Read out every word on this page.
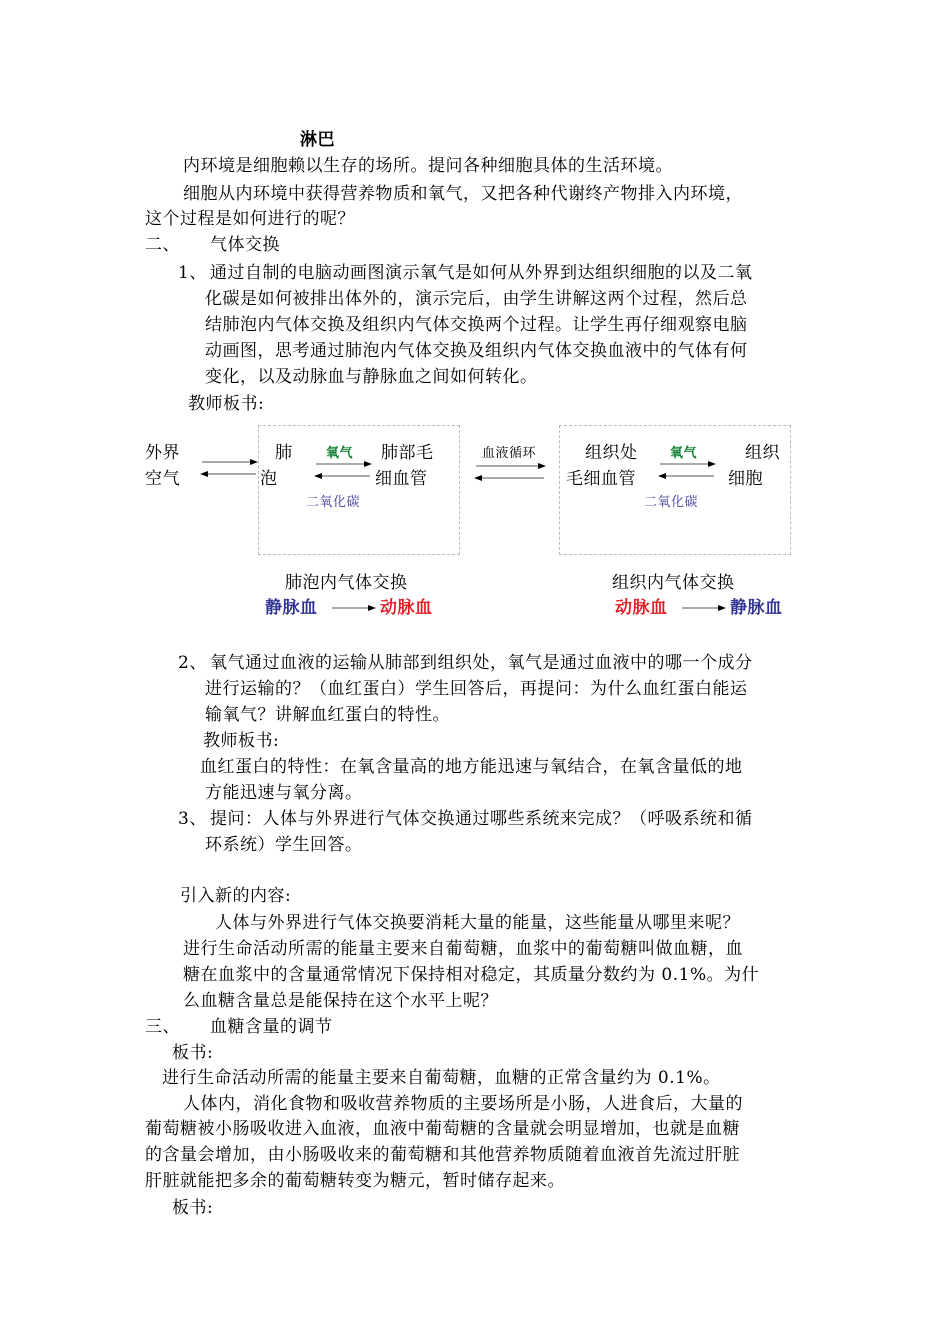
淋巴
内环境是细胞赖以生存的场所。提问各种细胞具体的生活环境。
细胞从内环境中获得营养物质和氧气，又把各种代谢终产物排入内环境，
这个过程是如何进行的呢？
二、 气体交换
1、 通过自制的电脑动画图演示氧气是如何从外界到达组织细胞的以及二氧
化碳是如何被排出体外的，演示完后，由学生讲解这两个过程，然后总
结肺泡内气体交换及组织内气体交换两个过程。让学生再仔细观察电脑
动画图，思考通过肺泡内气体交换及组织内气体交换血液中的气体有何
变化，以及动脉血与静脉血之间如何转化。
教师板书:
外界
空气
肺
泡
氧气
二氧化碳
肺部毛
细血管
血液循环	组织处
毛细血管
氧气
二氧化碳
组织
细胞
肺泡内气体交换	组织内气体交换
静脉血	动脉血	动脉血	静脉血
2、 氧气通过血液的运输从肺部到组织处，氧气是通过血液中的哪一个成分
进行运输的？（血红蛋白）学生回答后，再提问：为什么血红蛋白能运
输氧气？讲解血红蛋白的特性。
教师板书:
血红蛋白的特性：在氧含量高的地方能迅速与氧结合，在氧含量低的地
方能迅速与氧分离。
3、 提问：人体与外界进行气体交换通过哪些系统来完成？（呼吸系统和循
环系统）学生回答。
引入新的内容:
人体与外界进行气体交换要消耗大量的能量，这些能量从哪里来呢？
进行生命活动所需的能量主要来自葡萄糖，血浆中的葡萄糖叫做血糖，血
糖在血浆中的含量通常情况下保持相对稳定，其质量分数约为 0.1%。为什
么血糖含量总是能保持在这个水平上呢？
三、 血糖含量的调节
板书:
进行生命活动所需的能量主要来自葡萄糖，血糖的正常含量约为 0.1%。
人体内，消化食物和吸收营养物质的主要场所是小肠，人进食后，大量的
葡萄糖被小肠吸收进入血液，血液中葡萄糖的含量就会明显增加，也就是血糖
的含量会增加，由小肠吸收来的葡萄糖和其他营养物质随着血液首先流过肝脏
肝脏就能把多余的葡萄糖转变为糖元，暂时储存起来。
板书:
